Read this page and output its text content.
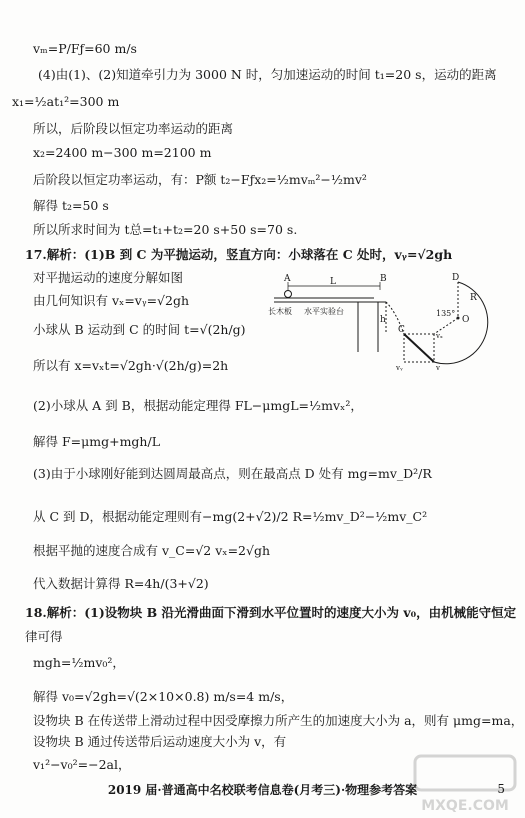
vₘ=P/Fƒ=60 m/s
(4)由(1)、(2)知道牵引力为 3000 N 时，匀加速运动的时间 t₁=20 s，运动的距离
x₁=½at₁²=300 m
所以，后阶段以恒定功率运动的距离
x₂=2400 m−300 m=2100 m
后阶段以恒定功率运动，有：P额 t₂−Fƒx₂=½mvₘ²−½mv²
解得 t₂=50 s
所以所求时间为 t总=t₁+t₂=20 s+50 s=70 s.
17.解析：(1)B 到 C 为平抛运动，竖直方向：小球落在 C 处时，vᵧ=√2gh
对平抛运动的速度分解如图
由几何知识有 vₓ=vᵧ=√2gh
小球从 B 运动到 C 的时间 t=√(2h/g)
所以有 x=vₓt=√2gh·√(2h/g)=2h
(2)小球从 A 到 B，根据动能定理得 FL−μmgL=½mvₓ²，
解得 F=μmg+mgh/L
(3)由于小球刚好能到达圆周最高点，则在最高点 D 处有 mg=mv_D²/R
从 C 到 D，根据动能定理则有−mg(2+√2)/2 R=½mv_D²−½mv_C²
根据平抛的速度合成有 v_C=√2 vₓ=2√gh
代入数据计算得 R=4h/(3+√2)
18.解析：(1)设物块 B 沿光滑曲面下滑到水平位置时的速度大小为 v₀，由机械能守恒定
律可得
mgh=½mv₀²，
解得 v₀=√2gh=√(2×10×0.8) m/s=4 m/s，
设物块 B 在传送带上滑动过程中因受摩擦力所产生的加速度大小为 a，则有 μmg=ma，
设物块 B 通过传送带后运动速度大小为 v，有
v₁²−v₀²=−2al，
A	B
L
C
D
R
O
h
135°
长木板 水平实验台
vₓ
vᵧ	v
MXQE.COM
2019 届·普通高中名校联考信息卷(月考三)·物理参考答案	5
